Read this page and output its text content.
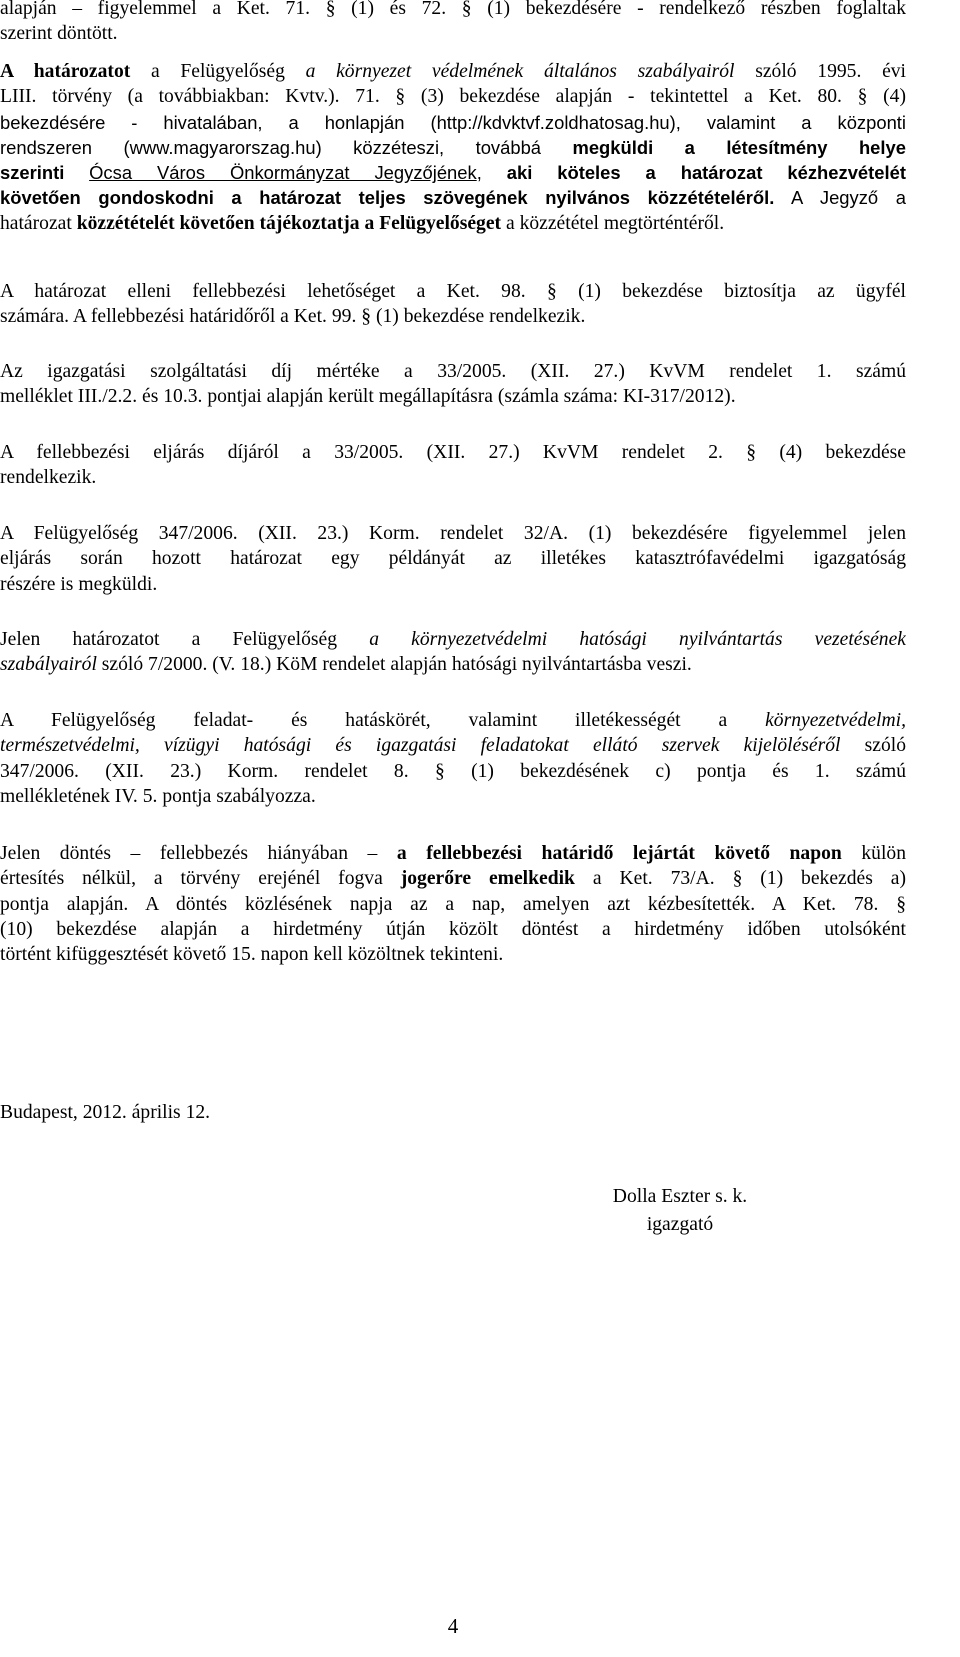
alapján – figyelemmel a Ket. 71. § (1) és 72. § (1) bekezdésére - rendelkező részben foglaltak
szerint döntött.
A határozatot a Felügyelőség a környezet védelmének általános szabályairól szóló 1995. évi
LIII. törvény (a továbbiakban: Kvtv.). 71. § (3) bekezdése alapján - tekintettel a Ket. 80. § (4)
bekezdésére - hivatalában, a honlapján (http://kdvktvf.zoldhatosag.hu), valamint a központi
rendszeren (www.magyarorszag.hu) közzéteszi, továbbá megküldi a létesítmény helye
szerinti Ócsa Város Önkormányzat Jegyzőjének, aki köteles a határozat kézhezvételét
követően gondoskodni a határozat teljes szövegének nyilvános közzétételéről. A Jegyző a
határozat közzétételét követően tájékoztatja a Felügyelőséget a közzététel megtörténtéről.
A határozat elleni fellebbezési lehetőséget a Ket. 98. § (1) bekezdése biztosítja az ügyfél
számára. A fellebbezési határidőről a Ket. 99. § (1) bekezdése rendelkezik.
Az igazgatási szolgáltatási díj mértéke a 33/2005. (XII. 27.) KvVM rendelet 1. számú
melléklet III./2.2. és 10.3. pontjai alapján került megállapításra (számla száma: KI-317/2012).
A fellebbezési eljárás díjáról a 33/2005. (XII. 27.) KvVM rendelet 2. § (4) bekezdése
rendelkezik.
A Felügyelőség 347/2006. (XII. 23.) Korm. rendelet 32/A. (1) bekezdésére figyelemmel jelen
eljárás során hozott határozat egy példányát az illetékes katasztrófavédelmi igazgatóság
részére is megküldi.
Jelen határozatot a Felügyelőség a környezetvédelmi hatósági nyilvántartás vezetésének
szabályairól szóló 7/2000. (V. 18.) KöM rendelet alapján hatósági nyilvántartásba veszi.
A Felügyelőség feladat- és hatáskörét, valamint illetékességét a környezetvédelmi,
természetvédelmi, vízügyi hatósági és igazgatási feladatokat ellátó szervek kijelöléséről szóló
347/2006. (XII. 23.) Korm. rendelet 8. § (1) bekezdésének c) pontja és 1. számú
mellékletének IV. 5. pontja szabályozza.
Jelen döntés – fellebbezés hiányában – a fellebbezési határidő lejártát követő napon külön
értesítés nélkül, a törvény erejénél fogva jogerőre emelkedik a Ket. 73/A. § (1) bekezdés a)
pontja alapján. A döntés közlésének napja az a nap, amelyen azt kézbesítették. A Ket. 78. §
(10) bekezdése alapján a hirdetmény útján közölt döntést a hirdetmény időben utolsóként
történt kifüggesztését követő 15. napon kell közöltnek tekinteni.
Budapest, 2012. április 12.
Dolla Eszter s. k.
igazgató
4
